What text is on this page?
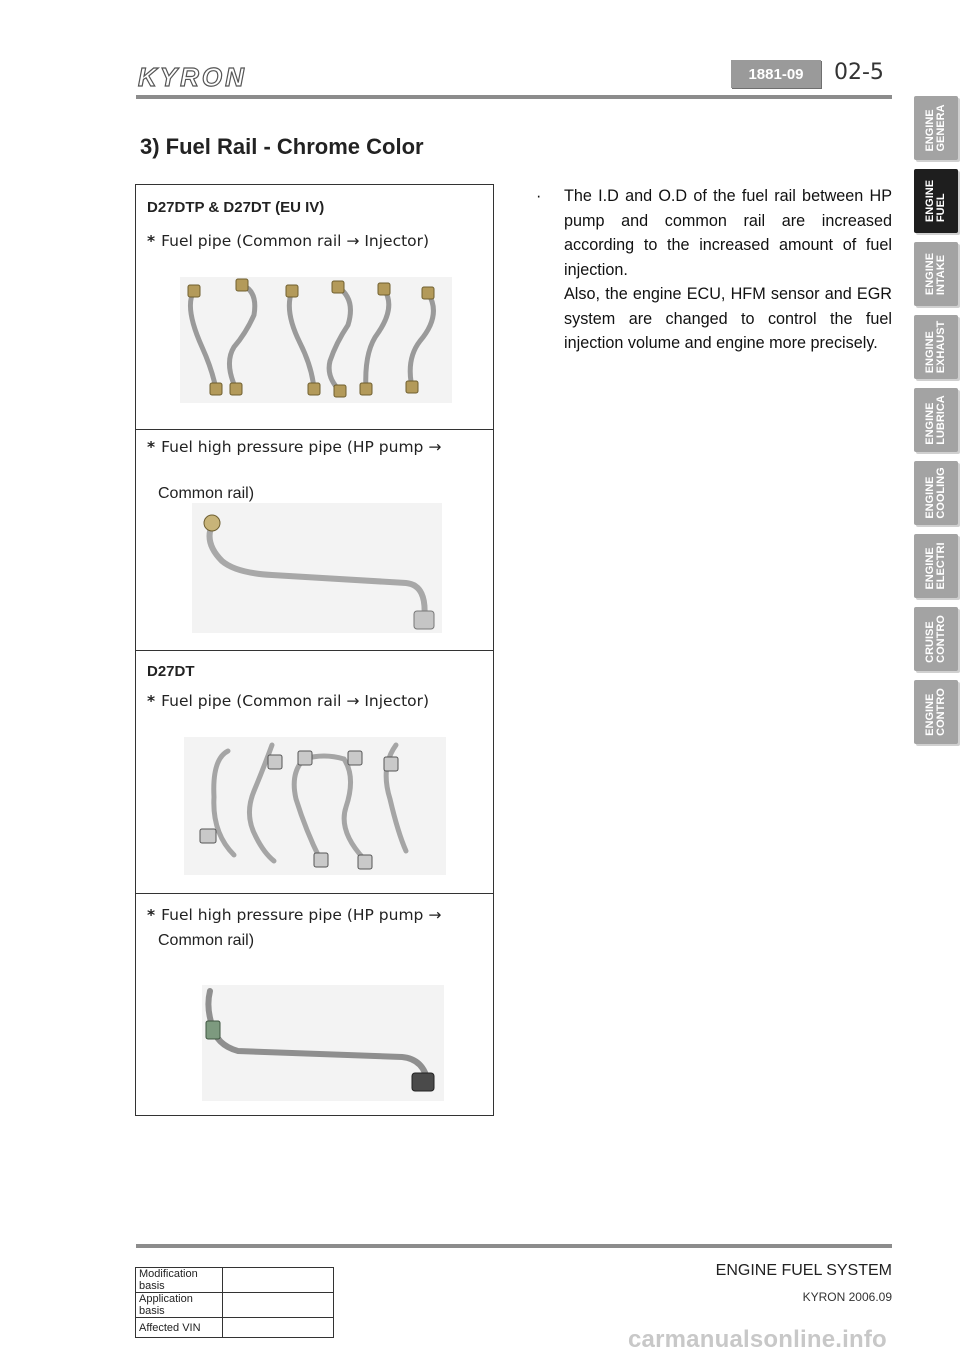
KYRON	1881-09	02-5
3) Fuel Rail - Chrome Color
D27DTP & D27DT (EU IV)
* Fuel pipe (Common rail → Injector)
* Fuel high pressure pipe (HP pump →
Common rail)
D27DT
* Fuel pipe (Common rail → Injector)
* Fuel high pressure pipe (HP pump →
Common rail)
· The I.D and O.D of the fuel rail between HP pump and common rail are increased according to the increased amount of fuel injection.

Also, the engine ECU, HFM sensor and EGR system are changed to control the fuel injection volume and engine more precisely.

ENGINE
GENERA
ENGINE
FUEL
ENGINE
INTAKE
ENGINE
EXHAUST
ENGINE
LUBRICA
ENGINE
COOLING
ENGINE
ELECTRI
CRUISE
CONTRO
ENGINE
CONTRO
Modification basis	
Application basis	
Affected VIN	
ENGINE FUEL SYSTEM
KYRON 2006.09
carmanualsonline.info
